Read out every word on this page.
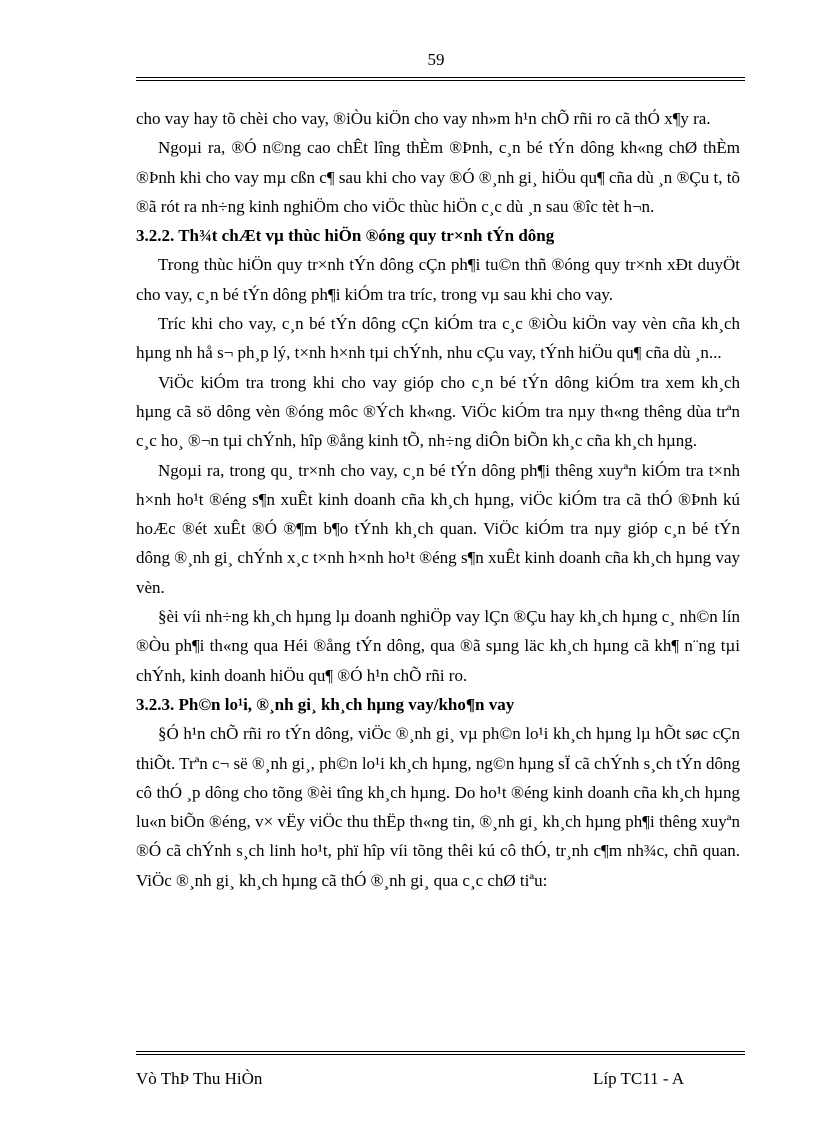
59

cho vay hay tõ chèi cho vay, ®iÒu kiÖn cho vay nh»m h¹n chÕ rñi ro cã thÓ x¶y ra.

Ngoµi ra, ®Ó n©ng cao chÊt lîng thÈm ®Þnh, c¸n bé tÝn dông kh«ng chØ thÈm ®Þnh khi cho vay mµ cßn c¶ sau khi cho vay ®Ó ®¸nh gi¸ hiÖu qu¶ cña dù ¸n ®Çu t, tõ ®ã rót ra nh÷ng kinh nghiÖm cho viÖc thùc hiÖn c¸c dù ¸n sau ®îc tèt h¬n.

3.2.2. Th¾t chÆt vµ thùc hiÖn ®óng quy tr×nh tÝn dông

Trong thùc hiÖn quy tr×nh tÝn dông cÇn ph¶i tu©n thñ ®óng quy tr×nh xÐt duyÖt cho vay, c¸n bé tÝn dông ph¶i kiÓm tra tríc, trong vµ sau khi cho vay.

Tríc khi cho vay, c¸n bé tÝn dông cÇn kiÓm tra c¸c ®iÒu kiÖn vay vèn cña kh¸ch hµng nh hå s¬ ph¸p lý, t×nh h×nh tµi chÝnh, nhu cÇu vay, tÝnh hiÖu qu¶ cña dù ¸n...

ViÖc kiÓm tra trong khi cho vay gióp cho c¸n bé tÝn dông kiÓm tra xem kh¸ch hµng cã sö dông vèn ®óng môc ®Ých kh«ng. ViÖc kiÓm tra nµy th«ng thêng dùa trªn c¸c ho¸ ®¬n tµi chÝnh, hîp ®ång kinh tÕ, nh÷ng diÔn biÕn kh¸c cña kh¸ch hµng.

Ngoµi ra, trong qu¸ tr×nh cho vay, c¸n bé tÝn dông ph¶i thêng xuyªn kiÓm tra t×nh h×nh ho¹t ®éng s¶n xuÊt kinh doanh cña kh¸ch hµng, viÖc kiÓm tra cã thÓ ®Þnh kú hoÆc ®ét xuÊt ®Ó ®¶m b¶o tÝnh kh¸ch quan. ViÖc kiÓm tra nµy gióp c¸n bé tÝn dông ®¸nh gi¸ chÝnh x¸c t×nh h×nh ho¹t ®éng s¶n xuÊt kinh doanh cña kh¸ch hµng vay vèn.

§èi víi nh÷ng kh¸ch hµng lµ doanh nghiÖp vay lÇn ®Çu hay kh¸ch hµng c¸ nh©n lín ®Òu ph¶i th«ng qua Héi ®ång tÝn dông, qua ®ã sµng läc kh¸ch hµng cã kh¶ n¨ng tµi chÝnh, kinh doanh hiÖu qu¶ ®Ó h¹n chÕ rñi ro.

3.2.3. Ph©n lo¹i, ®¸nh gi¸ kh¸ch hµng vay/kho¶n vay

§Ó h¹n chÕ rñi ro tÝn dông, viÖc ®¸nh gi¸ vµ ph©n lo¹i kh¸ch hµng lµ hÕt søc cÇn thiÕt. Trªn c¬ së ®¸nh gi¸, ph©n lo¹i kh¸ch hµng, ng©n hµng sÏ cã chÝnh s¸ch tÝn dông cô thÓ ¸p dông cho tõng ®èi tîng kh¸ch hµng. Do ho¹t ®éng kinh doanh cña kh¸ch hµng lu«n biÕn ®éng, v× vËy viÖc thu thËp th«ng tin, ®¸nh gi¸ kh¸ch hµng ph¶i thêng xuyªn ®Ó cã chÝnh s¸ch linh ho¹t, phï hîp víi tõng thêi kú cô thÓ, tr¸nh c¶m nh¾c, chñ quan. ViÖc ®¸nh gi¸ kh¸ch hµng cã thÓ ®¸nh gi¸ qua c¸c chØ tiªu:

Vò ThÞ Thu HiÒn	Líp TC11 - A
